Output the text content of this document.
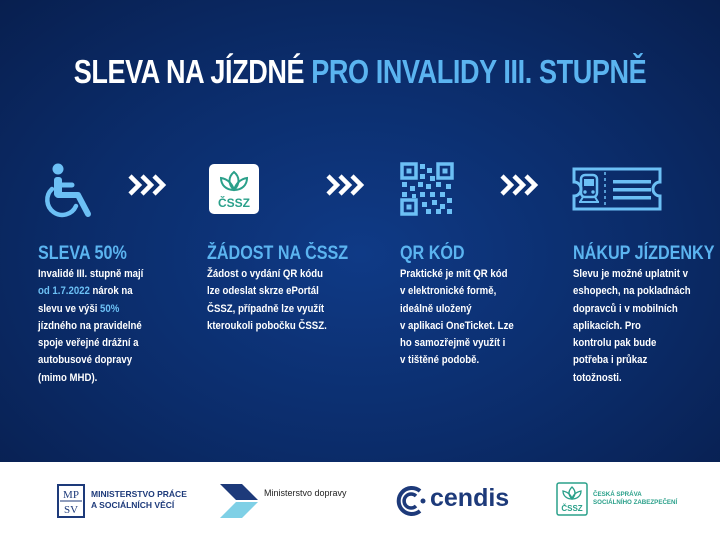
SLEVA NA JÍZDNÉ PRO INVALIDY III. STUPNĚ
SLEVA 50%
Invalidé III. stupně mají
od 1.7.2022 nárok na
slevu ve výši 50%
jízdného na pravidelné
spoje veřejné drážní a
autobusové dopravy
(mimo MHD).
ČSSZ
ŽÁDOST NA ČSSZ
Žádost o vydání QR kódu
lze odeslat skrze ePortál
ČSSZ, případně lze využít
kteroukoli pobočku ČSSZ.
QR KÓD
Praktické je mít QR kód
v elektronické formě,
ideálně uložený
v aplikaci OneTicket. Lze
ho samozřejmě využít i
v tištěné podobě.
NÁKUP JÍZDENKY
Slevu je možné uplatnit v
eshopech, na pokladnách
dopravců i v mobilních
aplikacích. Pro
kontrolu pak bude
potřeba i průkaz
totožnosti.
MP
SV
MINISTERSTVO PRÁCE
A SOCIÁLNÍCH VĚCÍ
Ministerstvo dopravy	cendis	ČSSZ
ČESKÁ SPRÁVA
SOCIÁLNÍHO ZABEZPEČENÍ
